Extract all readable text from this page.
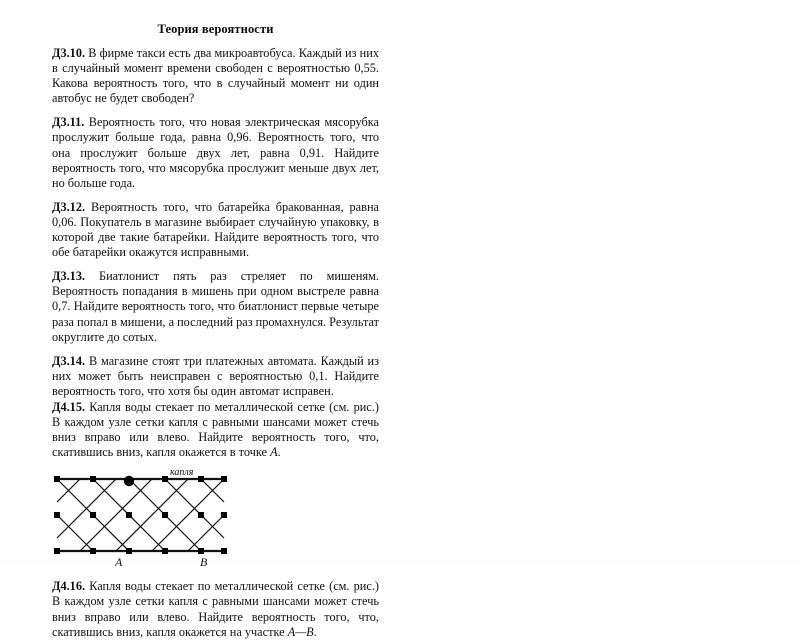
Теория вероятности

Д3.10. В фирме такси есть два микроавтобуса. Каждый из них в случайный момент времени свободен с вероятностью 0,55. Какова вероятность того, что в случайный момент ни один автобус не будет свободен?

Д3.11. Вероятность того, что новая электрическая мясорубка прослужит больше года, равна 0,96. Вероятность того, что она прослужит больше двух лет, равна 0,91. Найдите вероятность того, что мясорубка прослужит меньше двух лет, но больше года.

Д3.12. Вероятность того, что батарейка бракованная, равна 0,06. Покупатель в магазине выбирает случайную упаковку, в которой две такие батарейки. Найдите вероятность того, что обе батарейки окажутся исправными.

Д3.13. Биатлонист пять раз стреляет по мишеням. Вероятность попадания в мишень при одном выстреле равна 0,7. Найдите вероятность того, что биатлонист первые четыре раза попал в мишени, а последний раз промахнулся. Результат округлите до сотых.

Д3.14. В магазине стоят три платежных автомата. Каждый из них может быть неисправен с вероятностью 0,1. Найдите вероятность того, что хотя бы один автомат исправен.

Д4.15. Капля воды стекает по металлической сетке (см. рис.) В каждом узле сетки капля с равными шансами может стечь вниз вправо или влево. Найдите вероятность того, что, скатившись вниз, капля окажется в точке A.

капля
A	B

Д4.16. Капля воды стекает по металлической сетке (см. рис.) В каждом узле сетки капля с равными шансами может стечь вниз вправо или влево. Найдите вероятность того, что, скатившись вниз, капля окажется на участке A—B.
